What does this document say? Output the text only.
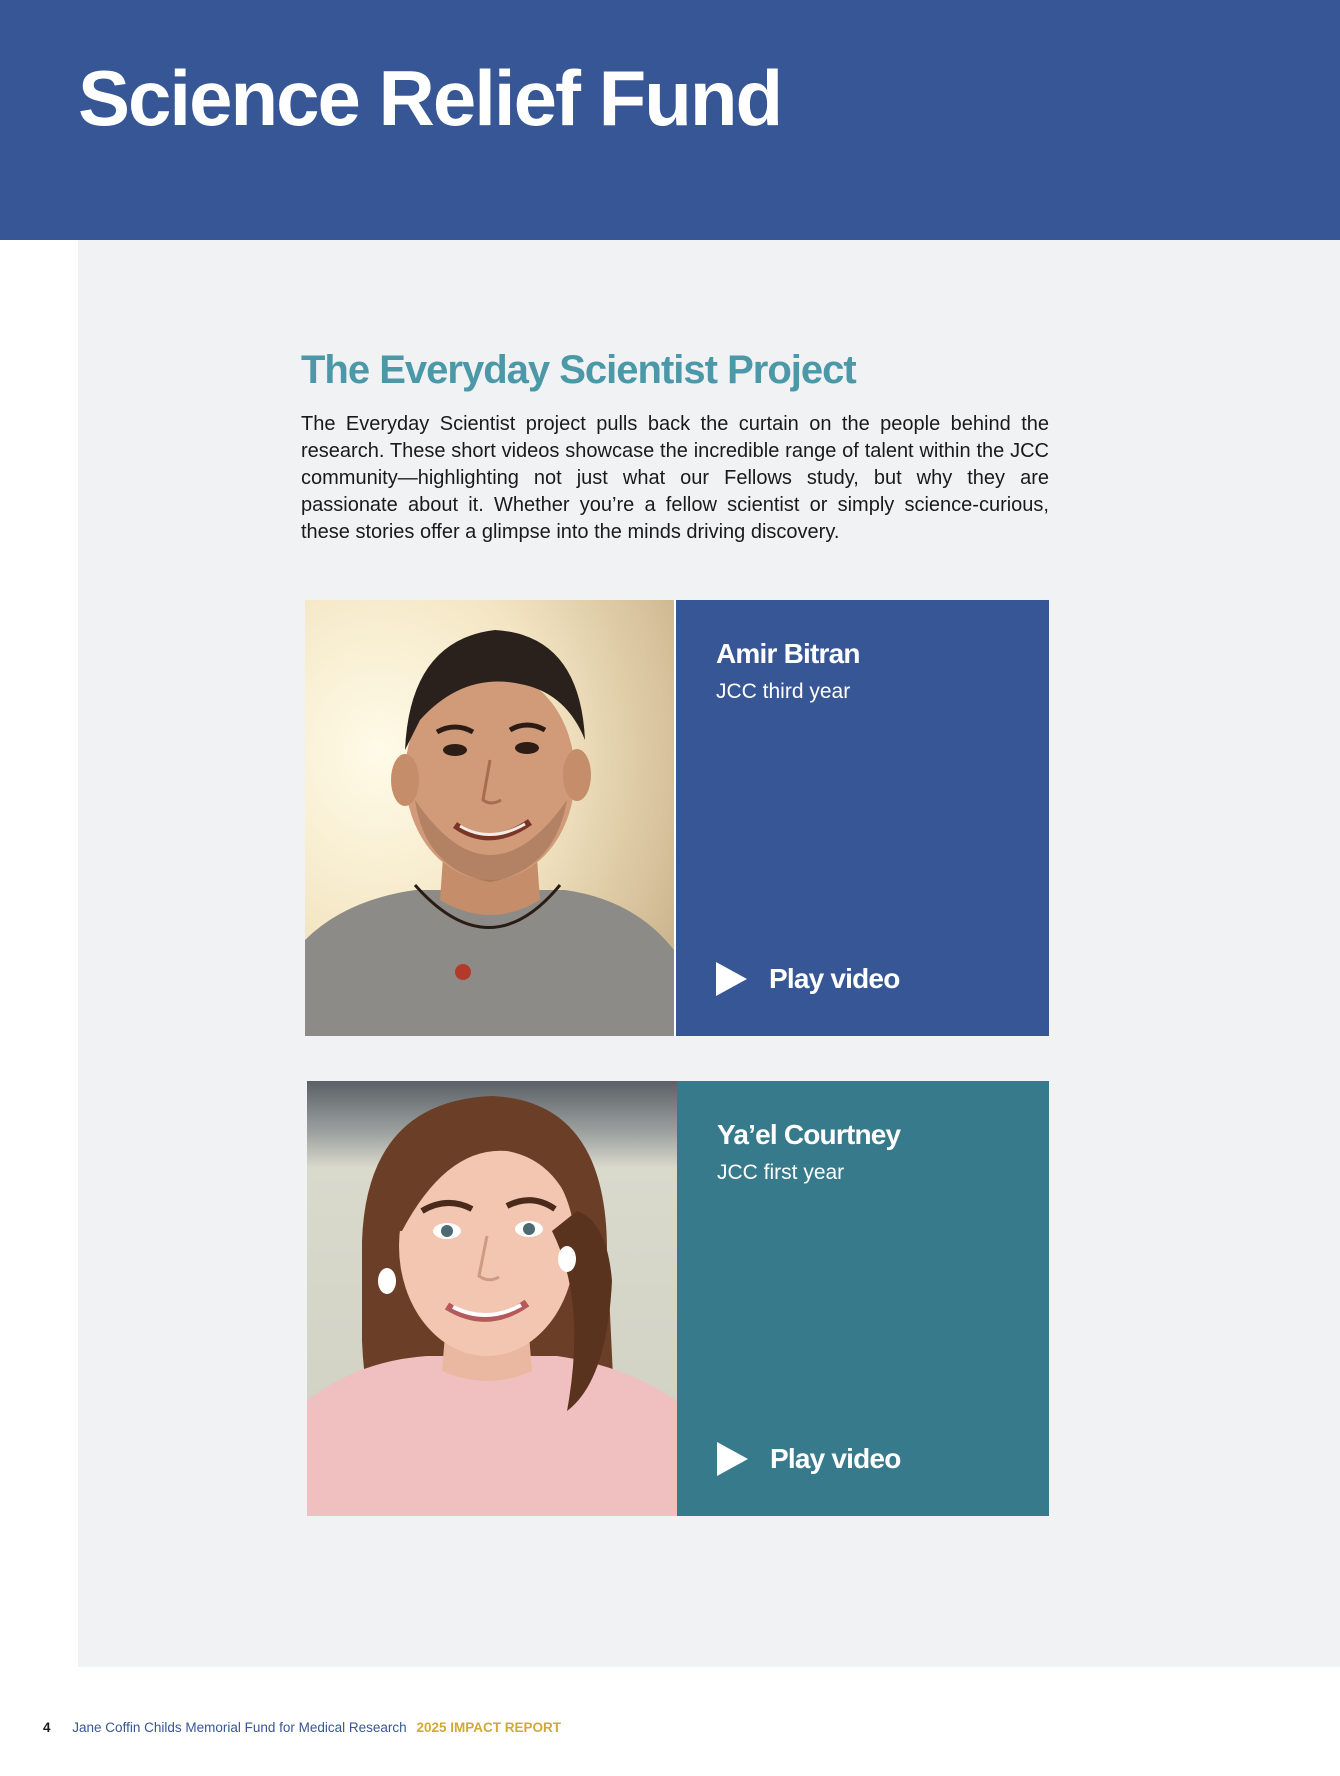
Science Relief Fund
The Everyday Scientist Project

The Everyday Scientist project pulls back the curtain on the people behind the research. These short videos showcase the incredible range of talent within the JCC community—highlighting not just what our Fellows study, but why they are passionate about it. Whether you’re a fellow scientist or simply science-curious, these stories offer a glimpse into the minds driving discovery.

Amir Bitran
JCC third year
Play video
Ya’el Courtney
JCC first year
Play video
4 Jane Coffin Childs Memorial Fund for Medical Research 2025 IMPACT REPORT
